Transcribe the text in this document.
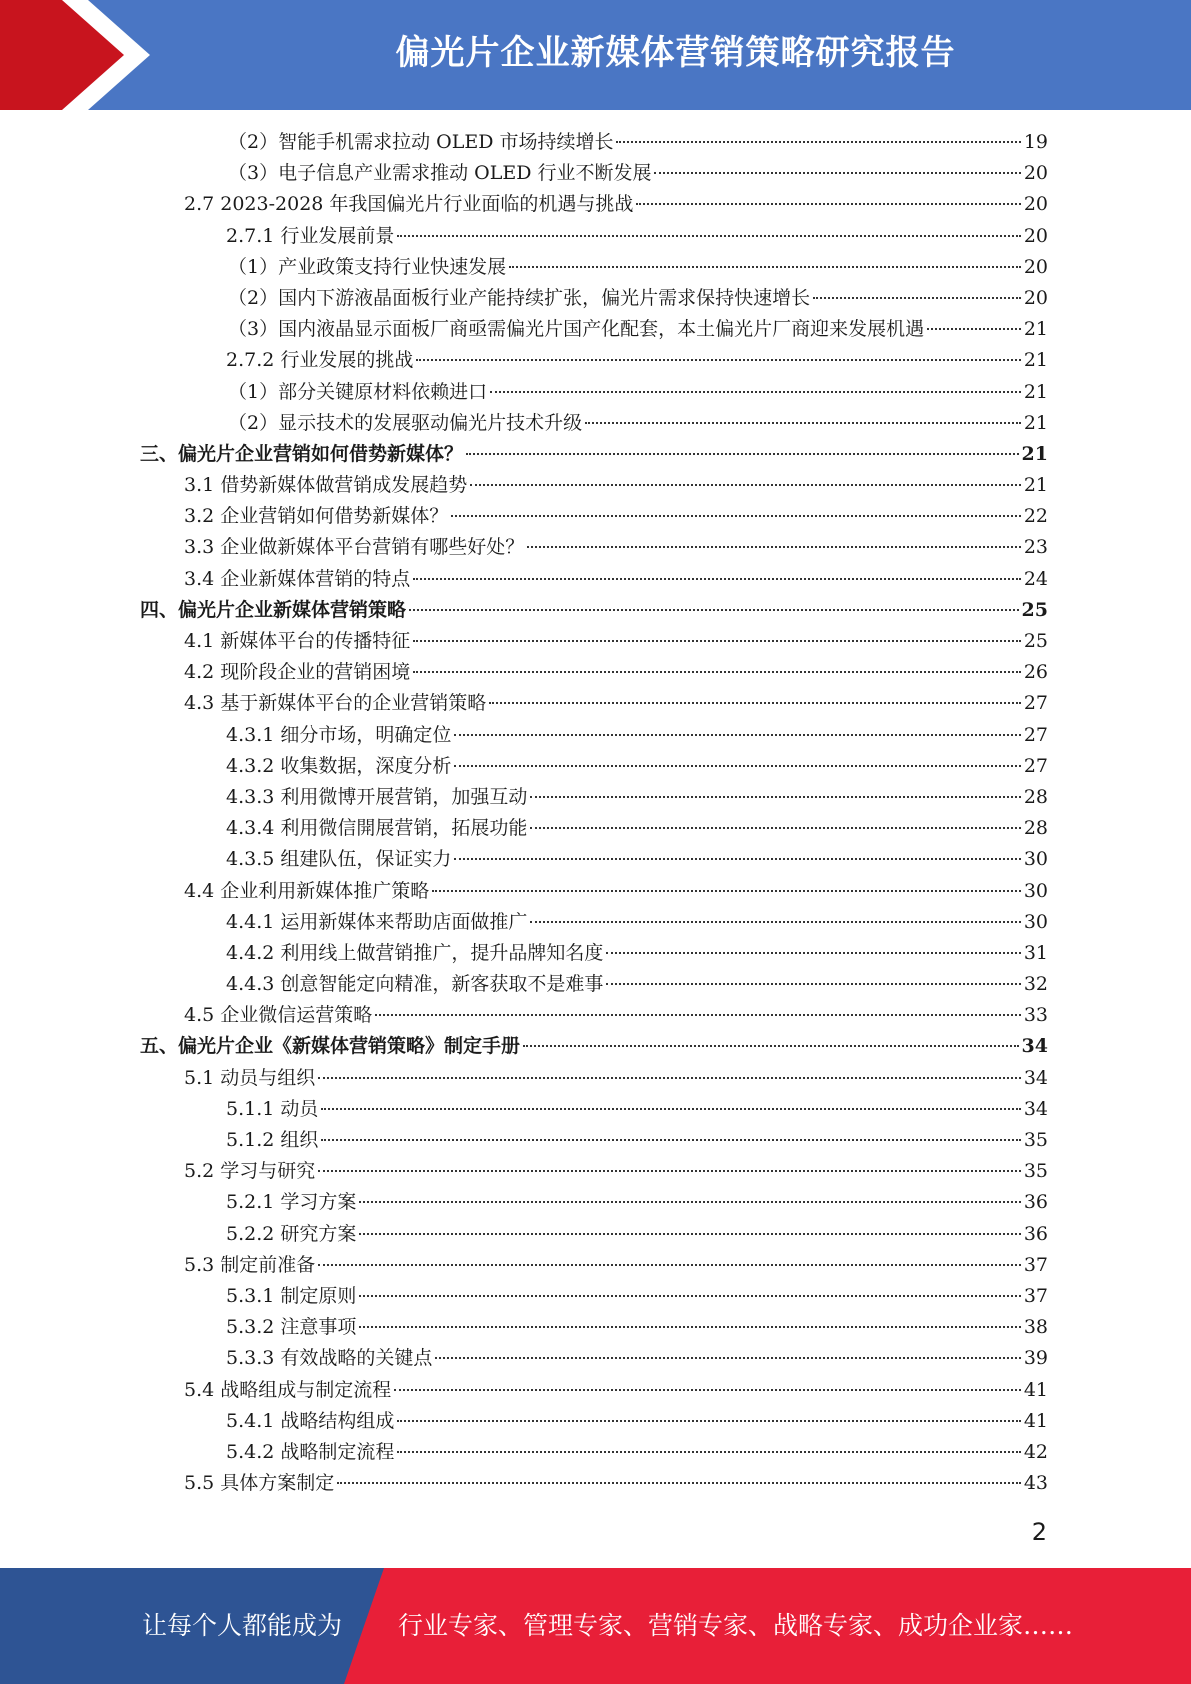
偏光片企业新媒体营销策略研究报告
（2）智能手机需求拉动 OLED 市场持续增长	19
（3）电子信息产业需求推动 OLED 行业不断发展	20
2.7 2023-2028 年我国偏光片行业面临的机遇与挑战	20
2.7.1 行业发展前景	20
（1）产业政策支持行业快速发展	20
（2）国内下游液晶面板行业产能持续扩张，偏光片需求保持快速增长	20
（3）国内液晶显示面板厂商亟需偏光片国产化配套，本土偏光片厂商迎来发展机遇	21
2.7.2 行业发展的挑战	21
（1）部分关键原材料依赖进口	21
（2）显示技术的发展驱动偏光片技术升级	21
三、偏光片企业营销如何借势新媒体？	21
3.1 借势新媒体做营销成发展趋势	21
3.2 企业营销如何借势新媒体？	22
3.3 企业做新媒体平台营销有哪些好处？	23
3.4 企业新媒体营销的特点	24
四、偏光片企业新媒体营销策略	25
4.1 新媒体平台的传播特征	25
4.2 现阶段企业的营销困境	26
4.3 基于新媒体平台的企业营销策略	27
4.3.1 细分市场，明确定位	27
4.3.2 收集数据，深度分析	27
4.3.3 利用微博开展营销，加强互动	28
4.3.4 利用微信開展营销，拓展功能	28
4.3.5 组建队伍，保证实力	30
4.4 企业利用新媒体推广策略	30
4.4.1 运用新媒体来帮助店面做推广	30
4.4.2 利用线上做营销推广，提升品牌知名度	31
4.4.3 创意智能定向精准，新客获取不是难事	32
4.5 企业微信运营策略	33
五、偏光片企业《新媒体营销策略》制定手册	34
5.1 动员与组织	34
5.1.1 动员	34
5.1.2 组织	35
5.2 学习与研究	35
5.2.1 学习方案	36
5.2.2 研究方案	36
5.3 制定前准备	37
5.3.1 制定原则	37
5.3.2 注意事项	38
5.3.3 有效战略的关键点	39
5.4 战略组成与制定流程	41
5.4.1 战略结构组成	41
5.4.2 战略制定流程	42
5.5 具体方案制定	43
2
让每个人都能成为 行业专家、管理专家、营销专家、战略专家、成功企业家……
